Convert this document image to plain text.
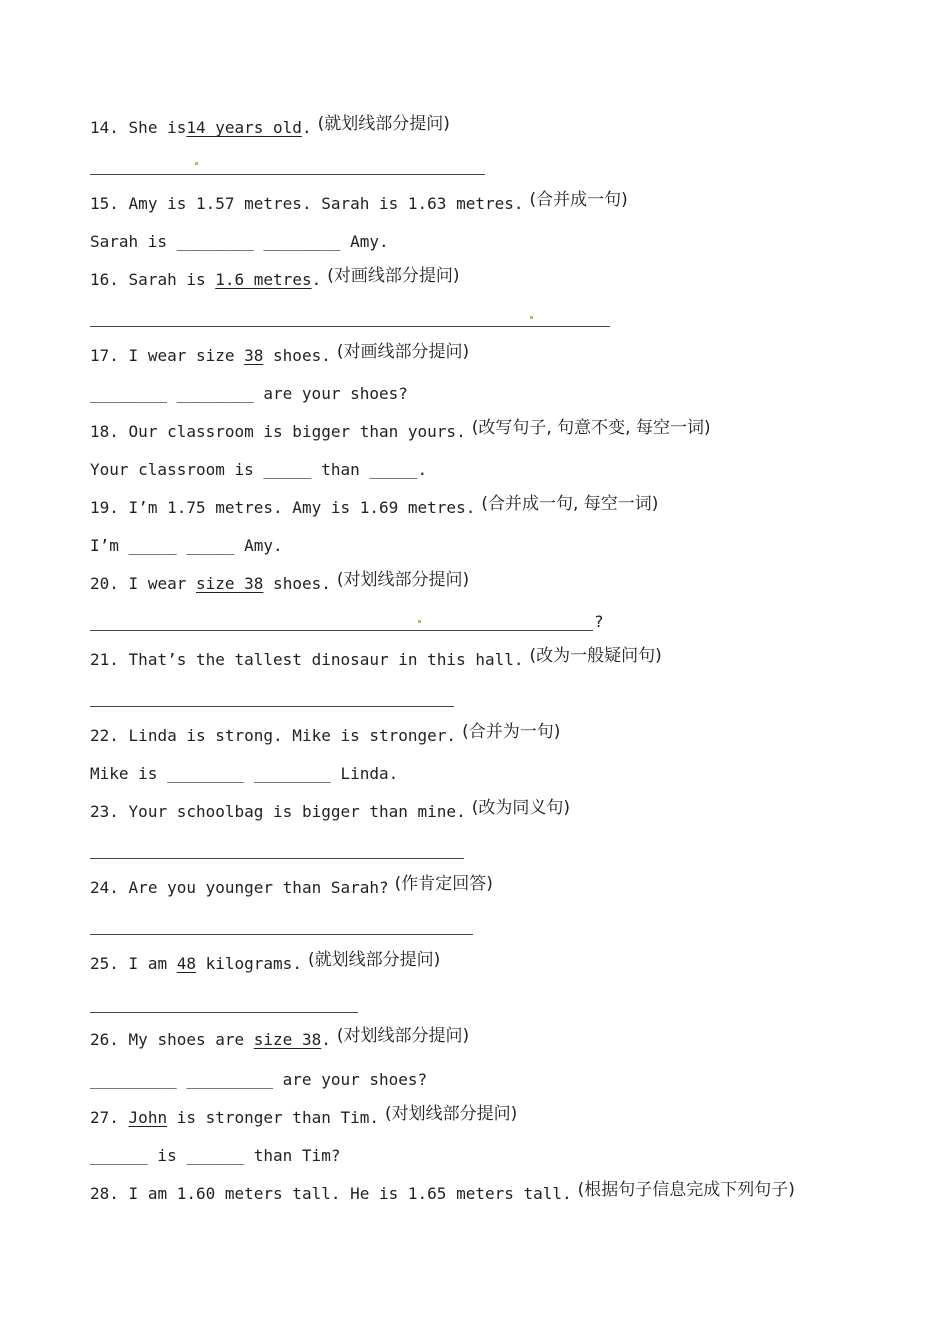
14. She is14 years old. (就划线部分提问)
15. Amy is 1.57 metres. Sarah is 1.63 metres. (合并成一句)
Sarah is ________ ________ Amy.
16. Sarah is 1.6 metres. (对画线部分提问)
17. I wear size 38 shoes. (对画线部分提问)
________ ________ are your shoes?
18. Our classroom is bigger than yours. (改写句子, 句意不变, 每空一词)
Your classroom is _____ than _____.
19. I’m 1.75 metres. Amy is 1.69 metres. (合并成一句, 每空一词)
I’m _____ _____ Amy.
20. I wear size 38 shoes. (对划线部分提问)
?
21. That’s the tallest dinosaur in this hall. (改为一般疑问句)
22. Linda is strong. Mike is stronger. (合并为一句)
Mike is ________ ________ Linda.
23. Your schoolbag is bigger than mine. (改为同义句)
24. Are you younger than Sarah? (作肯定回答)
25. I am 48 kilograms. (就划线部分提问)
26. My shoes are size 38. (对划线部分提问)
_________ _________ are your shoes?
27. John is stronger than Tim. (对划线部分提问)
______ is ______ than Tim?
28. I am 1.60 meters tall. He is 1.65 meters tall. (根据句子信息完成下列句子)
